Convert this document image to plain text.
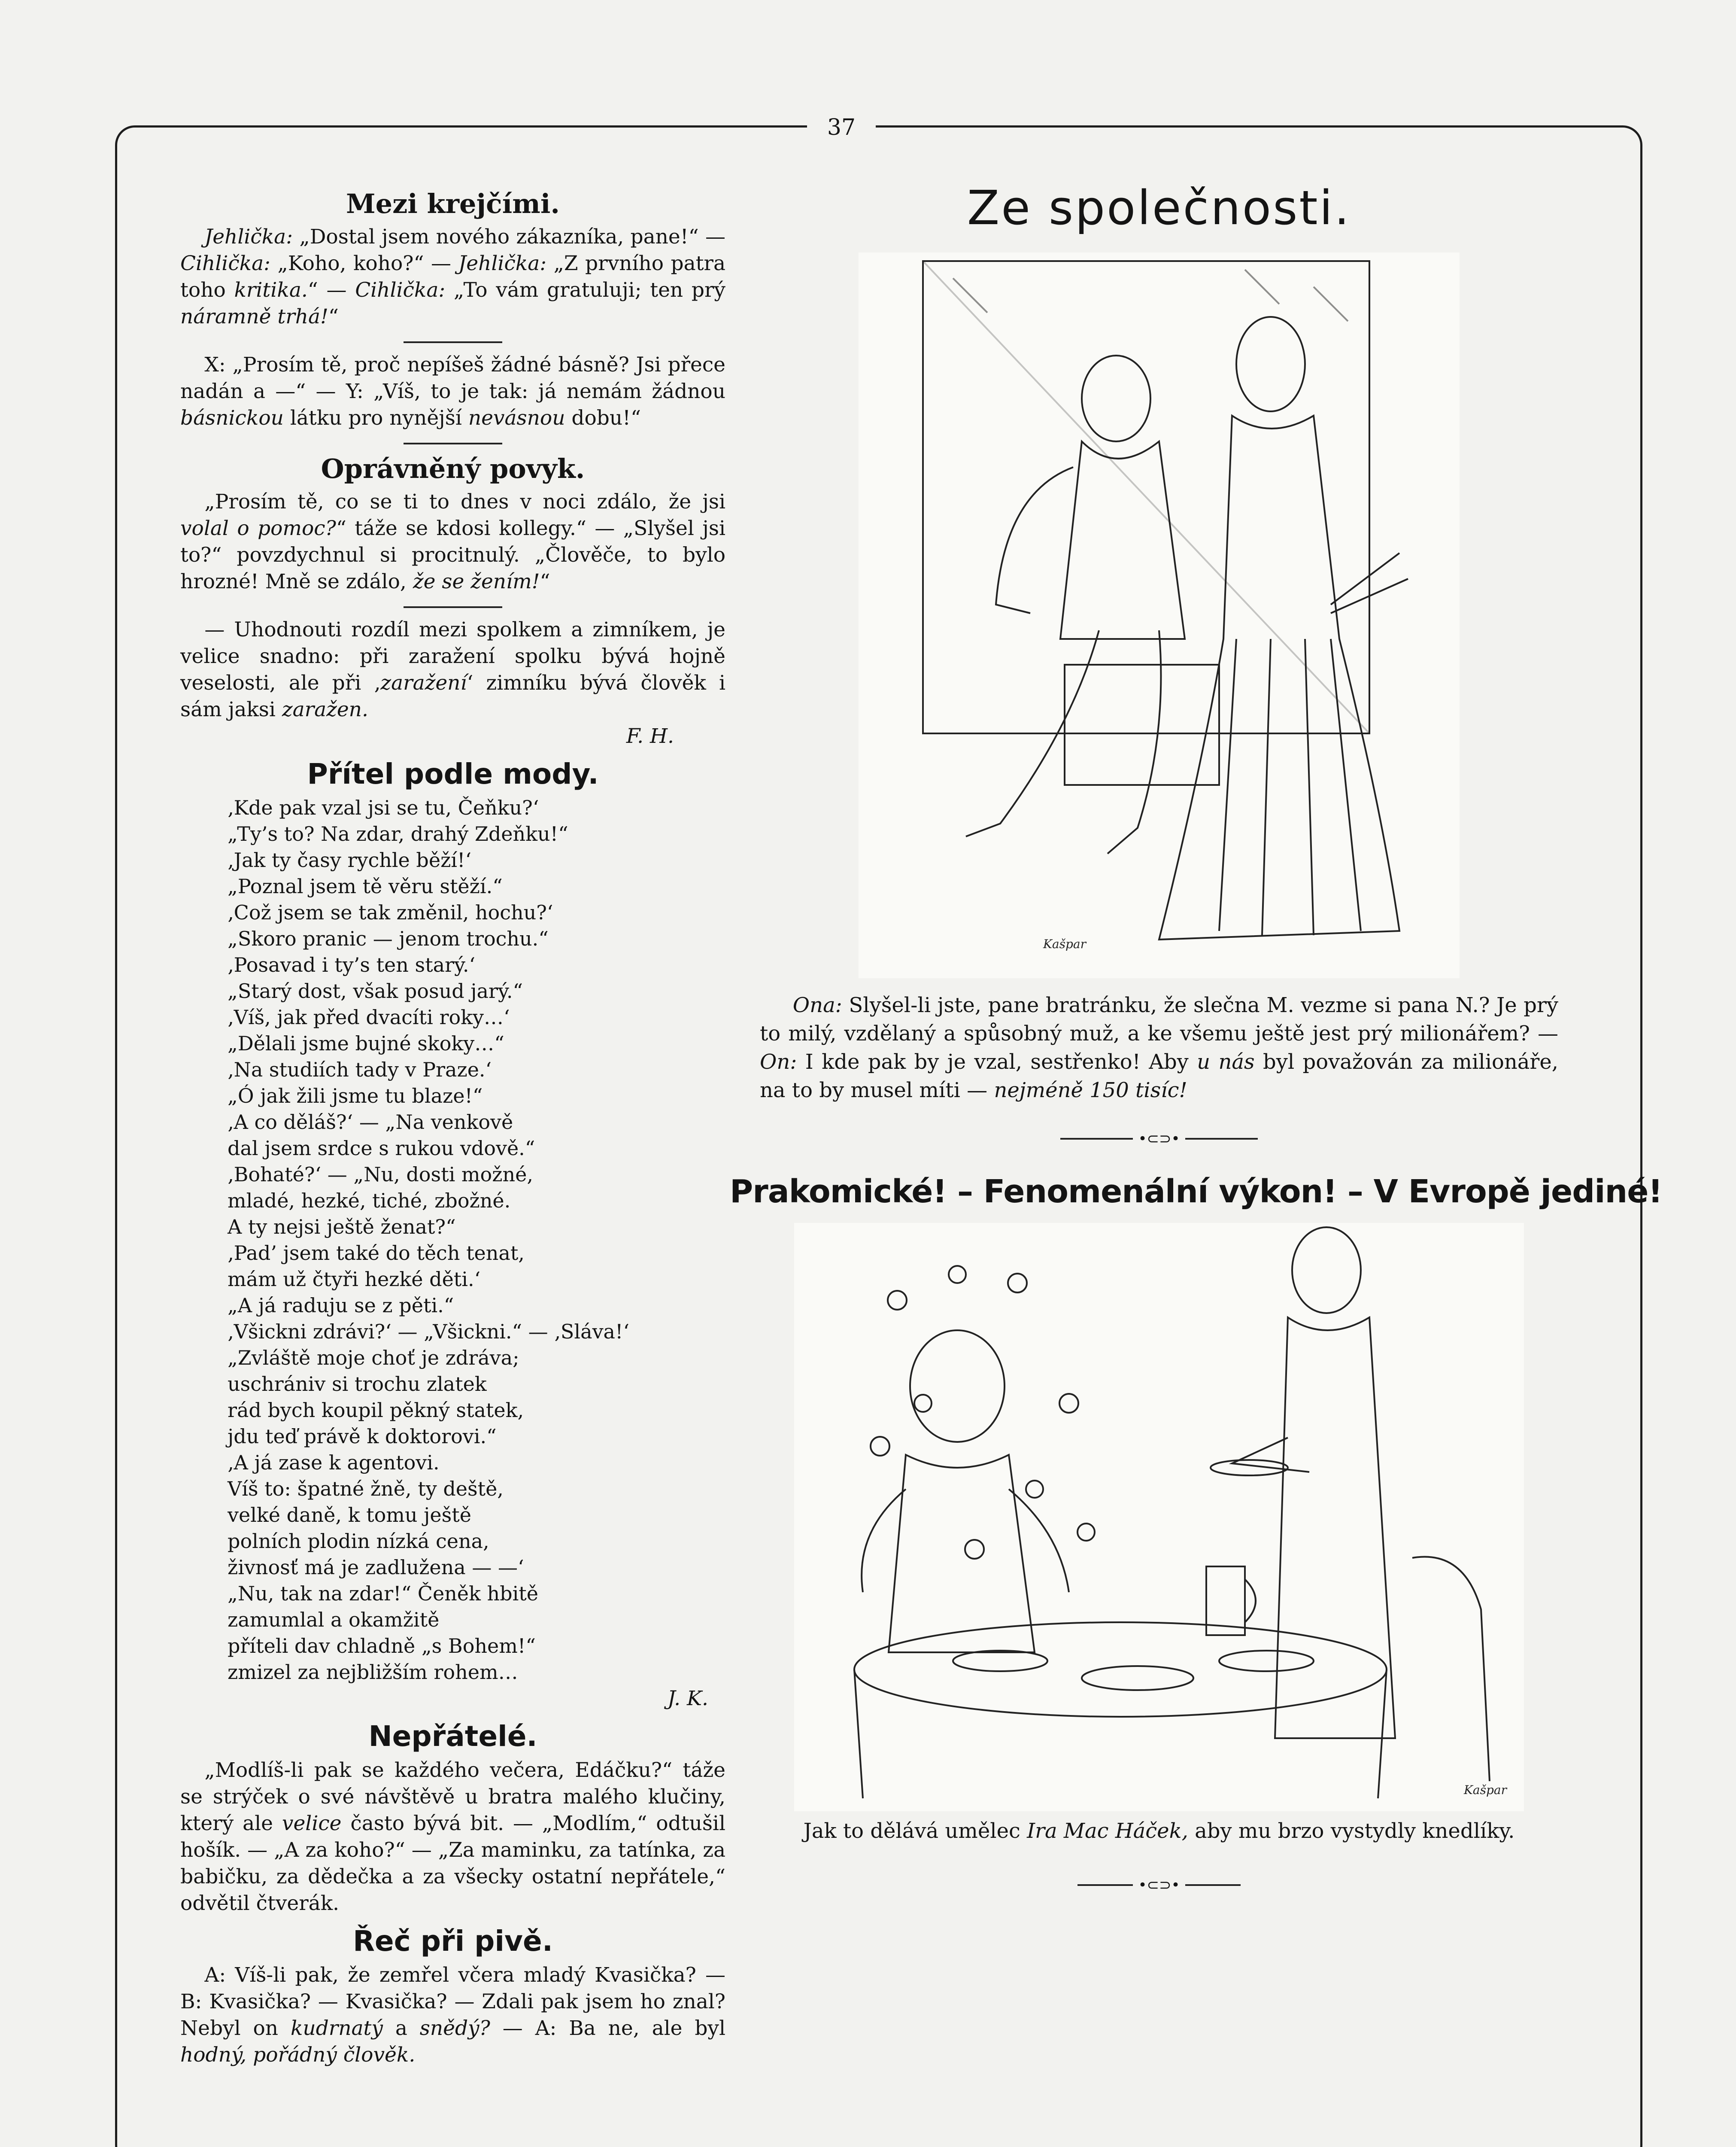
37
Mezi krejčími.

Jehlička: „Dostal jsem nového zákazníka, pane!“ — Cihlička: „Koho, koho?“ — Jehlička: „Z prvního patra toho kritika.“ — Cihlička: „To vám gratuluji; ten prý náramně trhá!“

X: „Prosím tě, proč nepíšeš žádné básně? Jsi přece nadán a —“ — Y: „Víš, to je tak: já nemám žádnou básnickou látku pro nynější nevásnou dobu!“

Oprávněný povyk.

„Prosím tě, co se ti to dnes v noci zdálo, že jsi volal o pomoc?“ táže se kdosi kollegy.“ — „Slyšel jsi to?“ povzdychnul si procitnulý. „Člověče, to bylo hrozné! Mně se zdálo, že se žením!“

— Uhodnouti rozdíl mezi spolkem a zimníkem, je velice snadno: při zaražení spolku bývá hojně veselosti, ale při ‚zaražení‘ zimníku bývá člověk i sám jaksi zaražen.

F. H.
Přítel podle mody.
‚Kde pak vzal jsi se tu, Čeňku?‘
„Ty’s to? Na zdar, drahý Zdeňku!“
‚Jak ty časy rychle běží!‘
„Poznal jsem tě věru stěží.“
‚Což jsem se tak změnil, hochu?‘
„Skoro pranic — jenom trochu.“
‚Posavad i ty’s ten starý.‘
„Starý dost, však posud jarý.“
‚Víš, jak před dvacíti roky…‘
„Dělali jsme bujné skoky…“
‚Na studiích tady v Praze.‘
„Ó jak žili jsme tu blaze!“
‚A co děláš?‘ — „Na venkově
dal jsem srdce s rukou vdově.“
‚Bohaté?‘ — „Nu, dosti možné,
mladé, hezké, tiché, zbožné.
A ty nejsi ještě ženat?“
‚Pad’ jsem také do těch tenat,
mám už čtyři hezké děti.‘
„A já raduju se z pěti.“
‚Všickni zdrávi?‘ — „Všickni.“ — ‚Sláva!‘
„Zvláště moje choť je zdráva;
uschrániv si trochu zlatek
rád bych koupil pěkný statek,
jdu teď právě k doktorovi.“
‚A já zase k agentovi.
Víš to: špatné žně, ty deště,
velké daně, k tomu ještě
polních plodin nízká cena,
živnosť má je zadlužena — —‘
„Nu, tak na zdar!“ Čeněk hbitě
zamumlal a okamžitě
příteli dav chladně „s Bohem!“
zmizel za nejbližším rohem…
J. K.
Nepřátelé.

„Modlíš-li pak se každého večera, Edáčku?“ táže se strýček o své návštěvě u bratra malého klučiny, který ale velice často bývá bit. — „Modlím,“ odtušil hošík. — „A za koho?“ — „Za maminku, za tatínka, za babičku, za dědečka a za všecky ostatní nepřátele,“ odvětil čtverák.

Řeč při pivě.

A: Víš-li pak, že zemřel včera mladý Kvasička? — B: Kvasička? — Kvasička? — Zdali pak jsem ho znal? Nebyl on kudrnatý a snědý? — A: Ba ne, ale byl hodný, pořádný člověk.

Ze společnosti.
Kašpar

Ona: Slyšel-li jste, pane bratránku, že slečna M. vezme si pana N.? Je prý to milý, vzdělaný a spůsobný muž, a ke všemu ještě jest prý milionářem? — On: I kde pak by je vzal, sestřenko! Aby u nás byl považován za milionáře, na to by musel míti — nejméně 150 tisíc!

•⊂⊃•
Prakomické! – Fenomenální výkon! – V Evropě jediné!
Kašpar

Jak to dělává umělec Ira Mac Háček, aby mu brzo vystydly knedlíky.

•⊂⊃•
